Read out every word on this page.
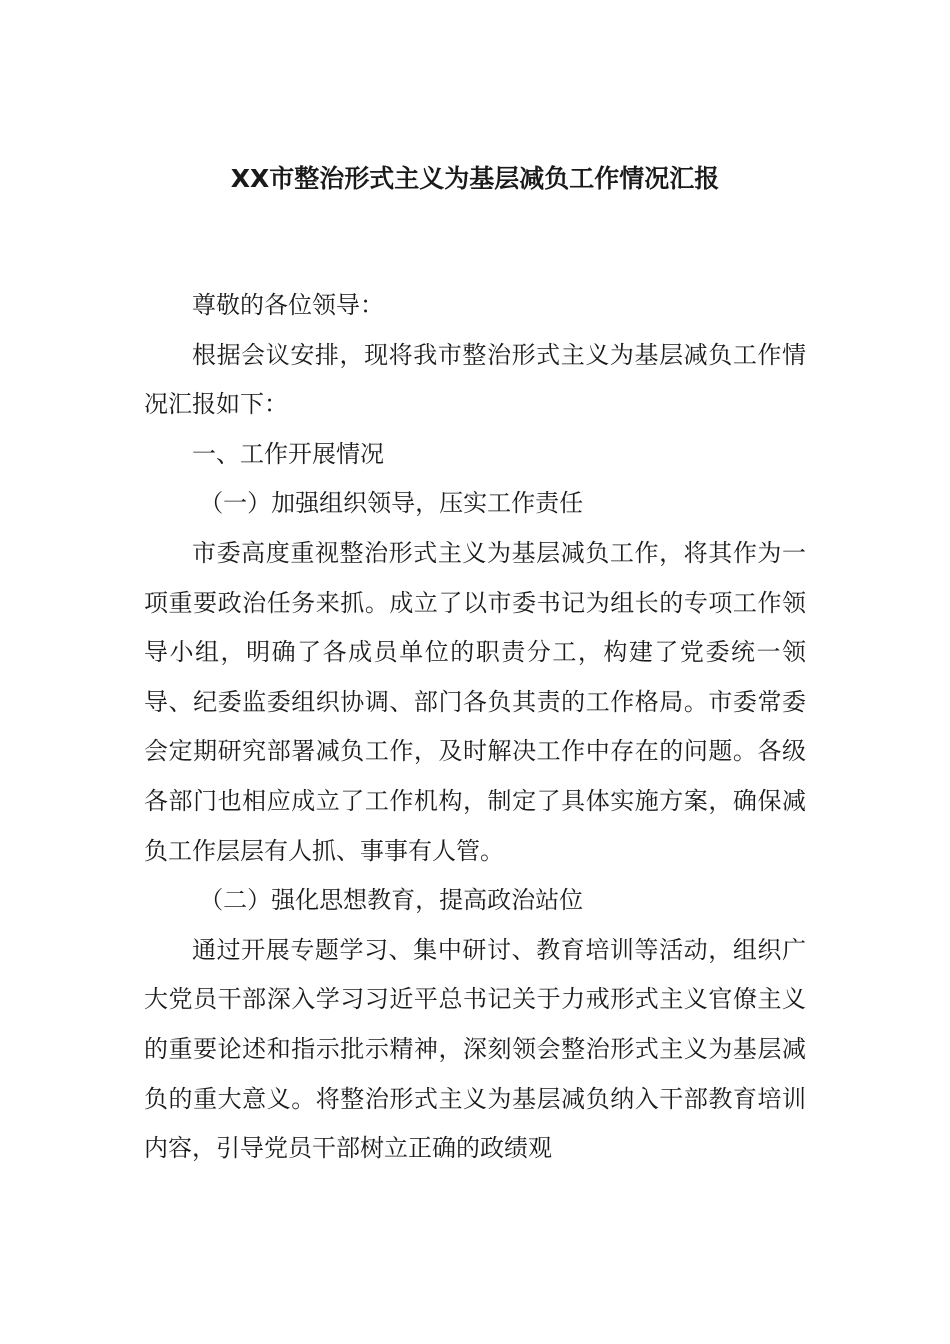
XX市整治形式主义为基层减负工作情况汇报

尊敬的各位领导：

根据会议安排，现将我市整治形式主义为基层减负工作情况汇报如下：

一、工作开展情况

（一）加强组织领导，压实工作责任

市委高度重视整治形式主义为基层减负工作，将其作为一项重要政治任务来抓。成立了以市委书记为组长的专项工作领导小组，明确了各成员单位的职责分工，构建了党委统一领导、纪委监委组织协调、部门各负其责的工作格局。市委常委会定期研究部署减负工作，及时解决工作中存在的问题。各级各部门也相应成立了工作机构，制定了具体实施方案，确保减负工作层层有人抓、事事有人管。

（二）强化思想教育，提高政治站位

通过开展专题学习、集中研讨、教育培训等活动，组织广大党员干部深入学习习近平总书记关于力戒形式主义官僚主义的重要论述和指示批示精神，深刻领会整治形式主义为基层减负的重大意义。将整治形式主义为基层减负纳入干部教育培训内容，引导党员干部树立正确的政绩观
